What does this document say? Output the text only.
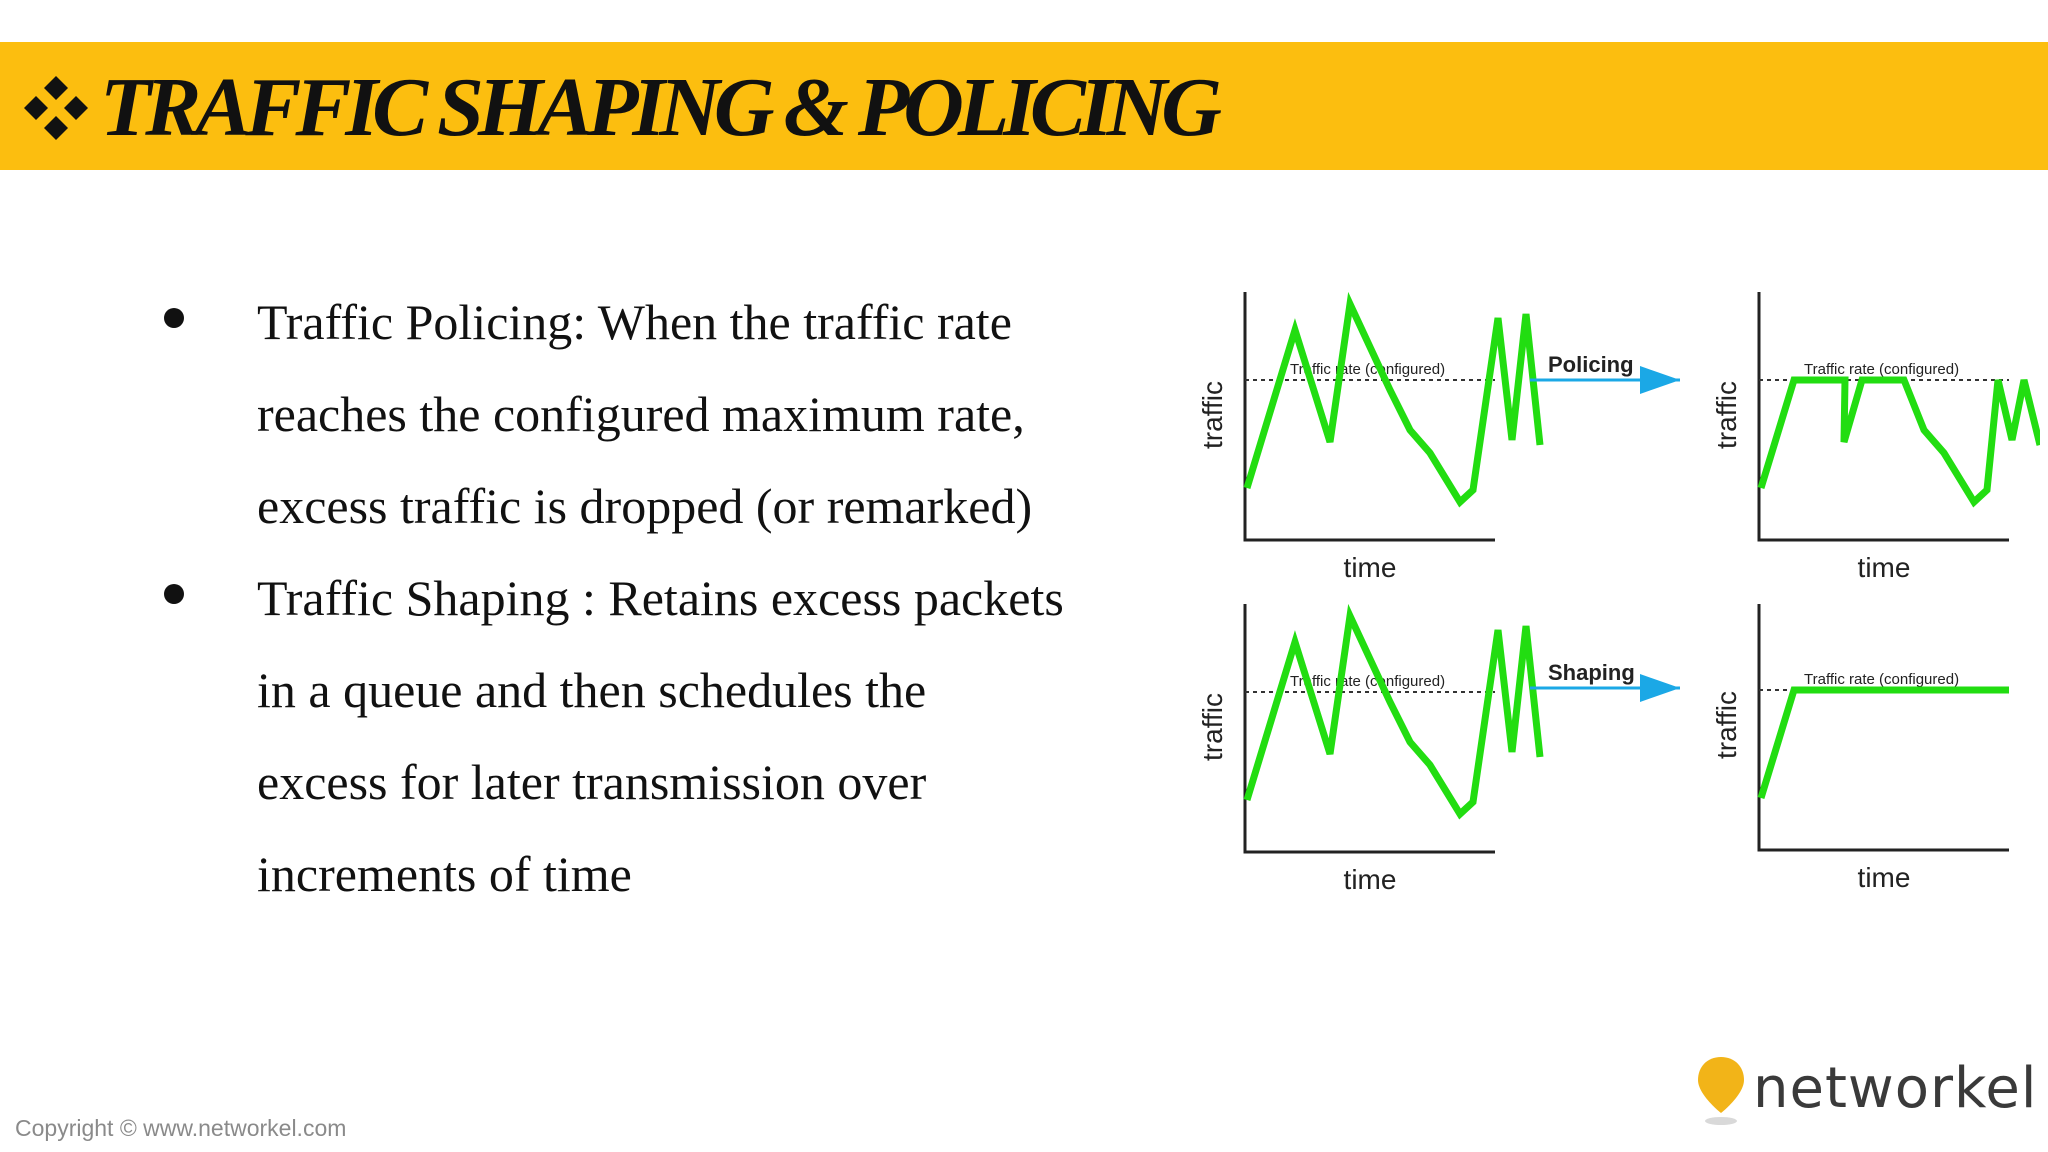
TRAFFIC SHAPING & POLICING
Traffic Policing: When the traffic rate
reaches the configured maximum rate,
excess traffic is dropped (or remarked)
Traffic Shaping : Retains excess packets
in a queue and then schedules the
excess for later transmission over
increments of time
Traffic rate (configured)
traffic
time
Traffic rate (configured)
traffic
time
Traffic rate (configured)
traffic
time
Traffic rate (configured)
traffic
time
Policing
Shaping
networkel
Copyright © www.networkel.com
